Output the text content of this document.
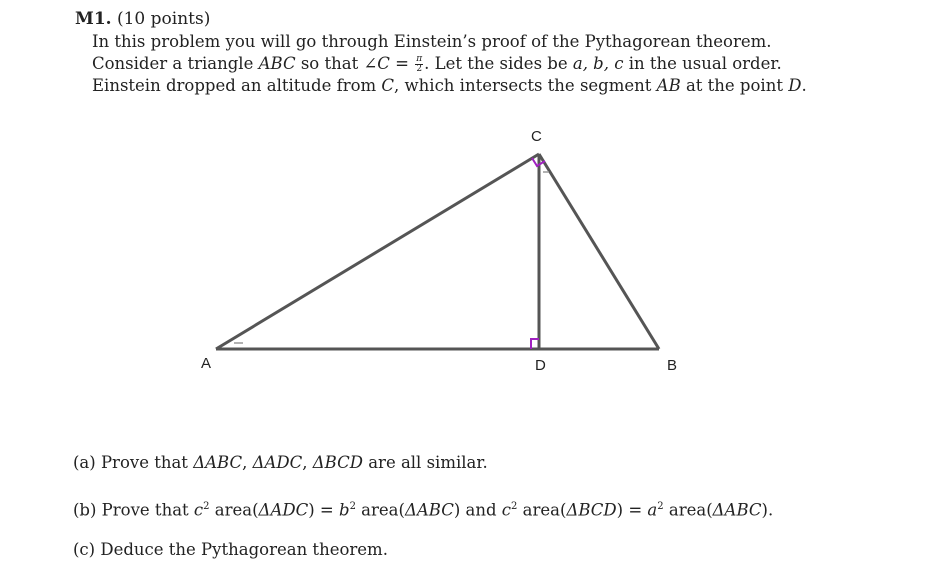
M1. (10 points)
In this problem you will go through Einstein’s proof of the Pythagorean theorem.
Consider a triangle ABC so that ∠C = $\frac{\pi}{2}$ . Let the sides be a, b, c in the usual order.
Einstein dropped an altitude from C, which intersects the segment AB at the point D.
C
A	D	B
(a) Prove that ΔABC, ΔADC, ΔBCD are all similar.
(b) Prove that $c^2$ area(ΔADC) = $b^2$ area(ΔABC) and $c^2$ area(ΔBCD) = $a^2$ area(ΔABC).
(c) Deduce the Pythagorean theorem.
